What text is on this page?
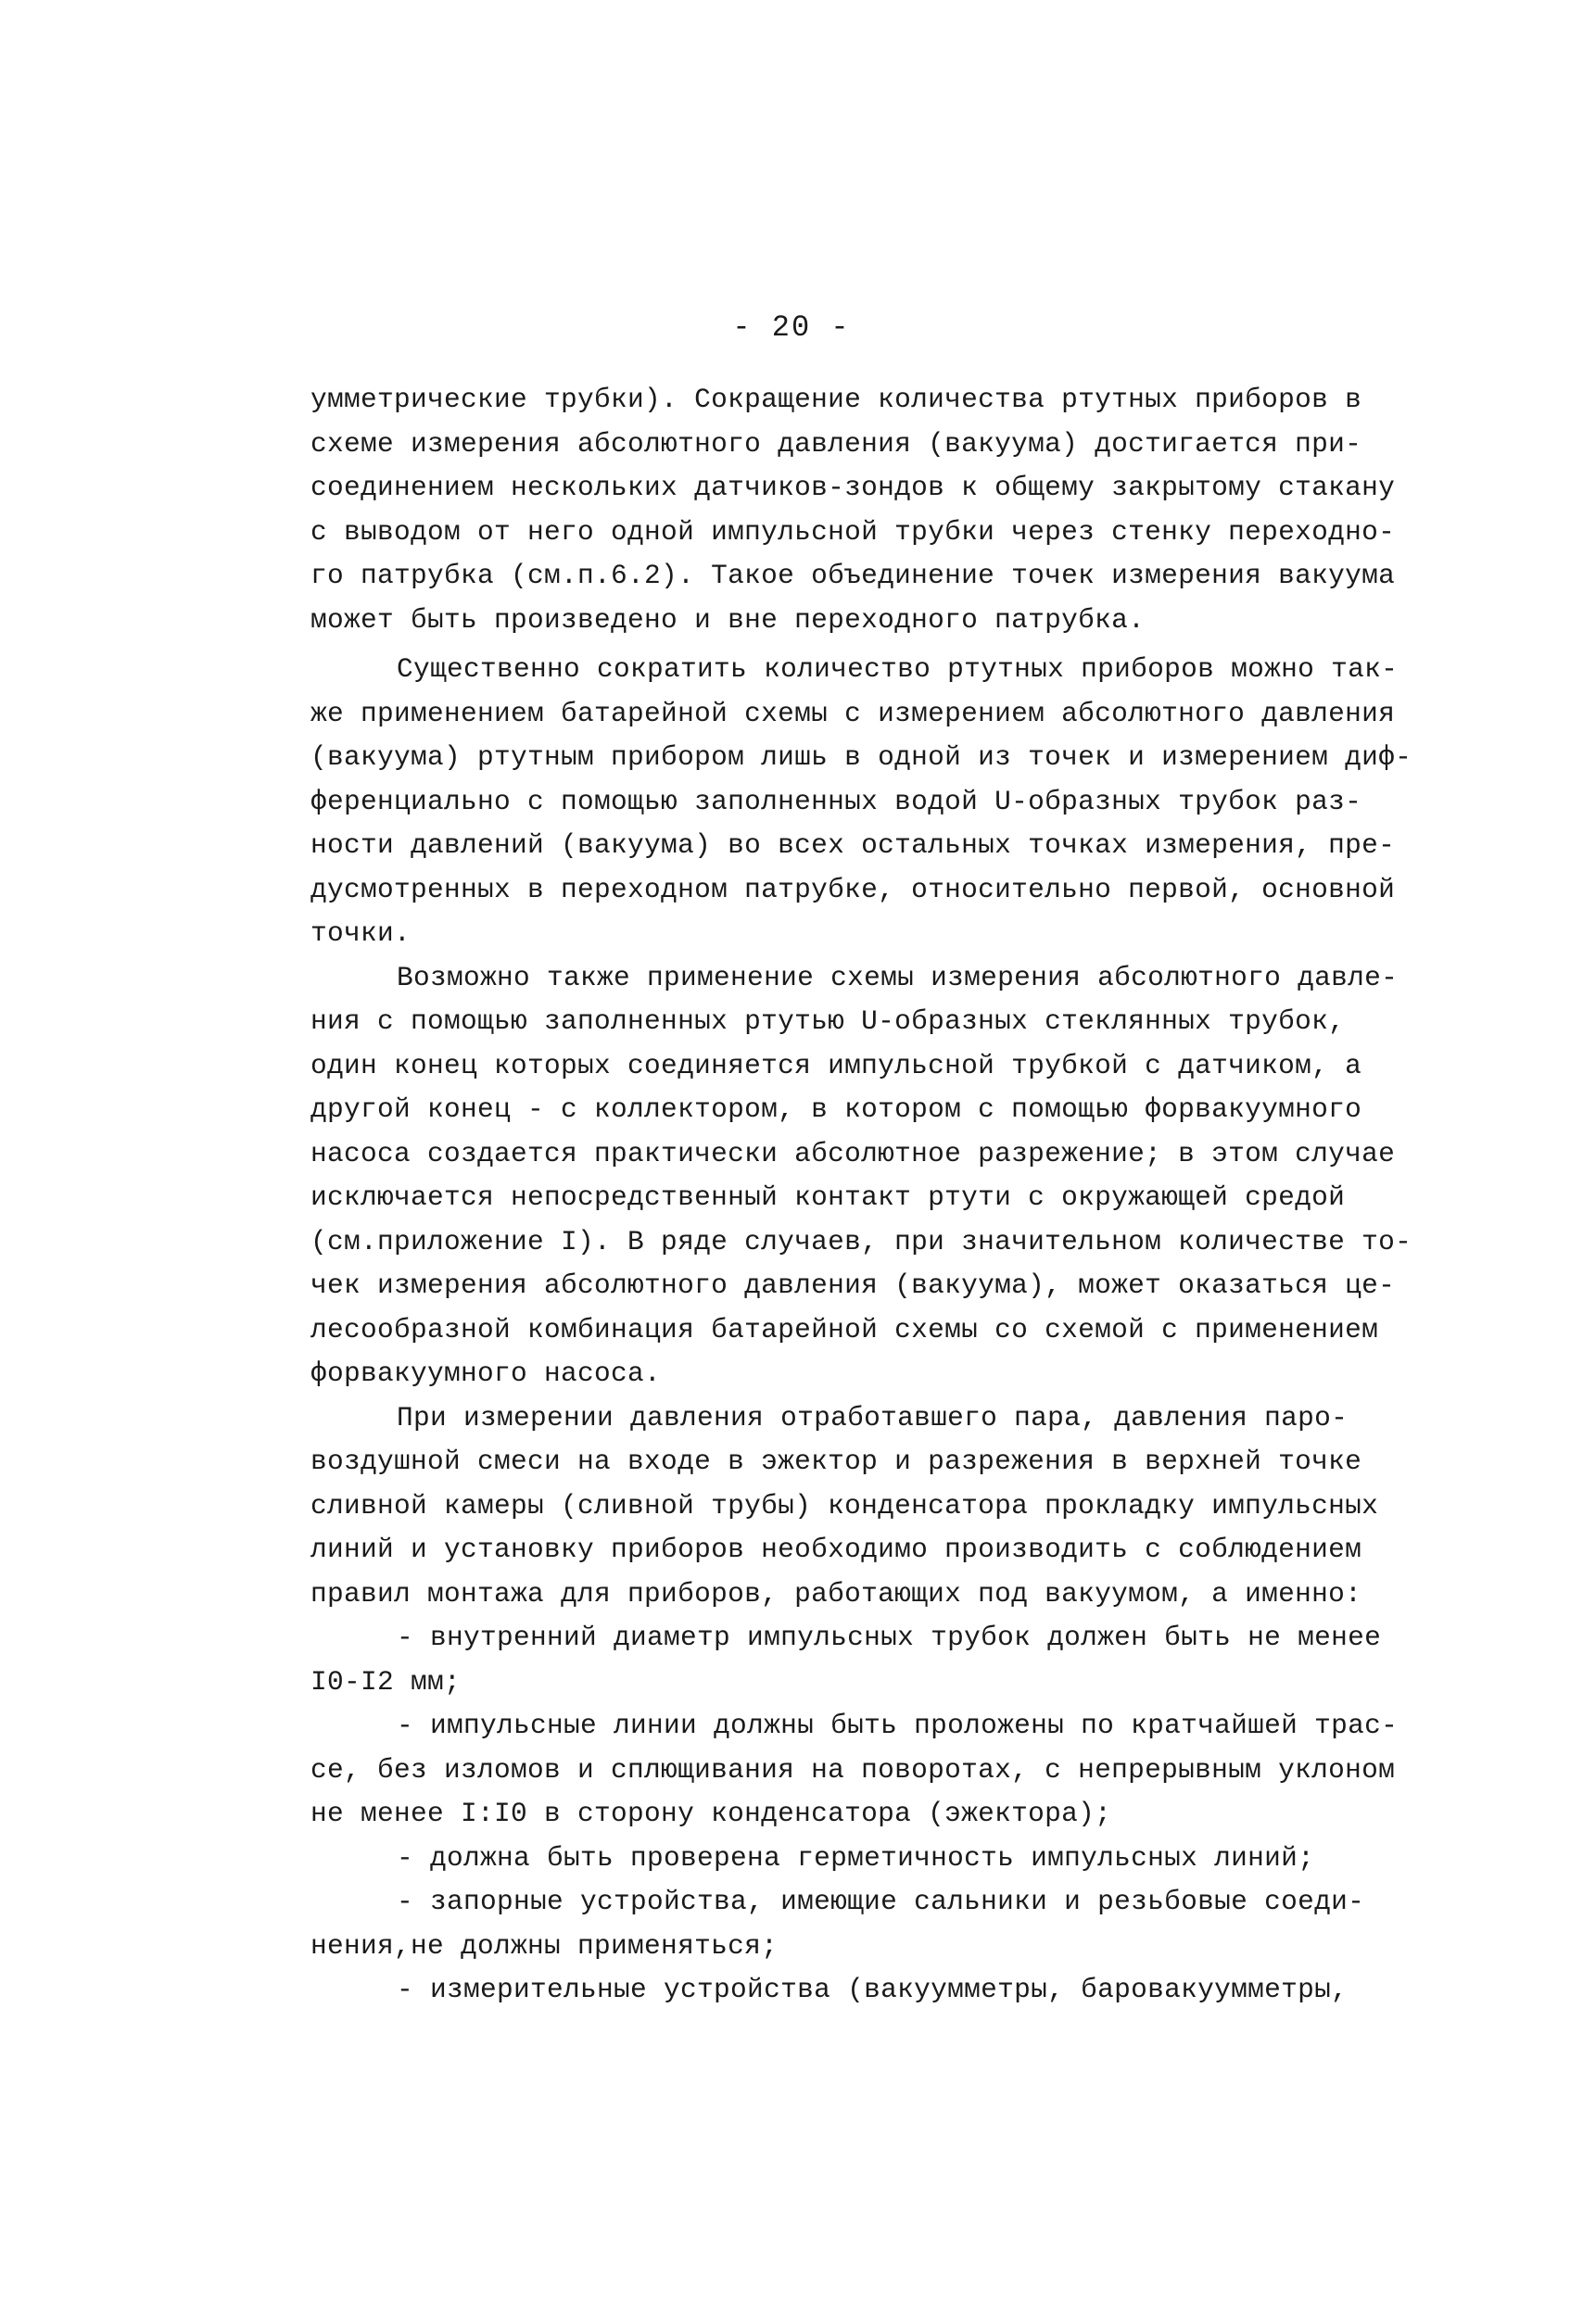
- 20 -
умметрические трубки). Сокращение количества ртутных приборов в
схеме измерения абсолютного давления (вакуума) достигается при-
соединением нескольких датчиков-зондов к общему закрытому стакану
с выводом от него одной импульсной трубки через стенку переходно-
го патрубка (см.п.6.2). Такое объединение точек измерения вакуума
может быть произведено и вне переходного патрубка.
Существенно сократить количество ртутных приборов можно так-
же применением батарейной схемы с измерением абсолютного давления
(вакуума) ртутным прибором лишь в одной из точек и измерением диф-
ференциально с помощью заполненных водой U-образных трубок раз-
ности давлений (вакуума) во всех остальных точках измерения, пре-
дусмотренных в переходном патрубке, относительно первой, основной
точки.
Возможно также применение схемы измерения абсолютного давле-
ния с помощью заполненных ртутью U-образных стеклянных трубок,
один конец которых соединяется импульсной трубкой с датчиком, а
другой конец - с коллектором, в котором с помощью форвакуумного
насоса создается практически абсолютное разрежение; в этом случае
исключается непосредственный контакт ртути с окружающей средой
(см.приложение I). В ряде случаев, при значительном количестве то-
чек измерения абсолютного давления (вакуума), может оказаться це-
лесообразной комбинация батарейной схемы со схемой с применением
форвакуумного насоса.
При измерении давления отработавшего пара, давления паро-
воздушной смеси на входе в эжектор и разрежения в верхней точке
сливной камеры (сливной трубы) конденсатора прокладку импульсных
линий и установку приборов необходимо производить с соблюдением
правил монтажа для приборов, работающих под вакуумом, а именно:
- внутренний диаметр импульсных трубок должен быть не менее
I0-I2 мм;
- импульсные линии должны быть проложены по кратчайшей трас-
се, без изломов и сплющивания на поворотах, с непрерывным уклоном
не менее I:I0 в сторону конденсатора (эжектора);
- должна быть проверена герметичность импульсных линий;
- запорные устройства, имеющие сальники и резьбовые соеди-
нения,не должны применяться;
- измерительные устройства (вакуумметры, баровакуумметры,
